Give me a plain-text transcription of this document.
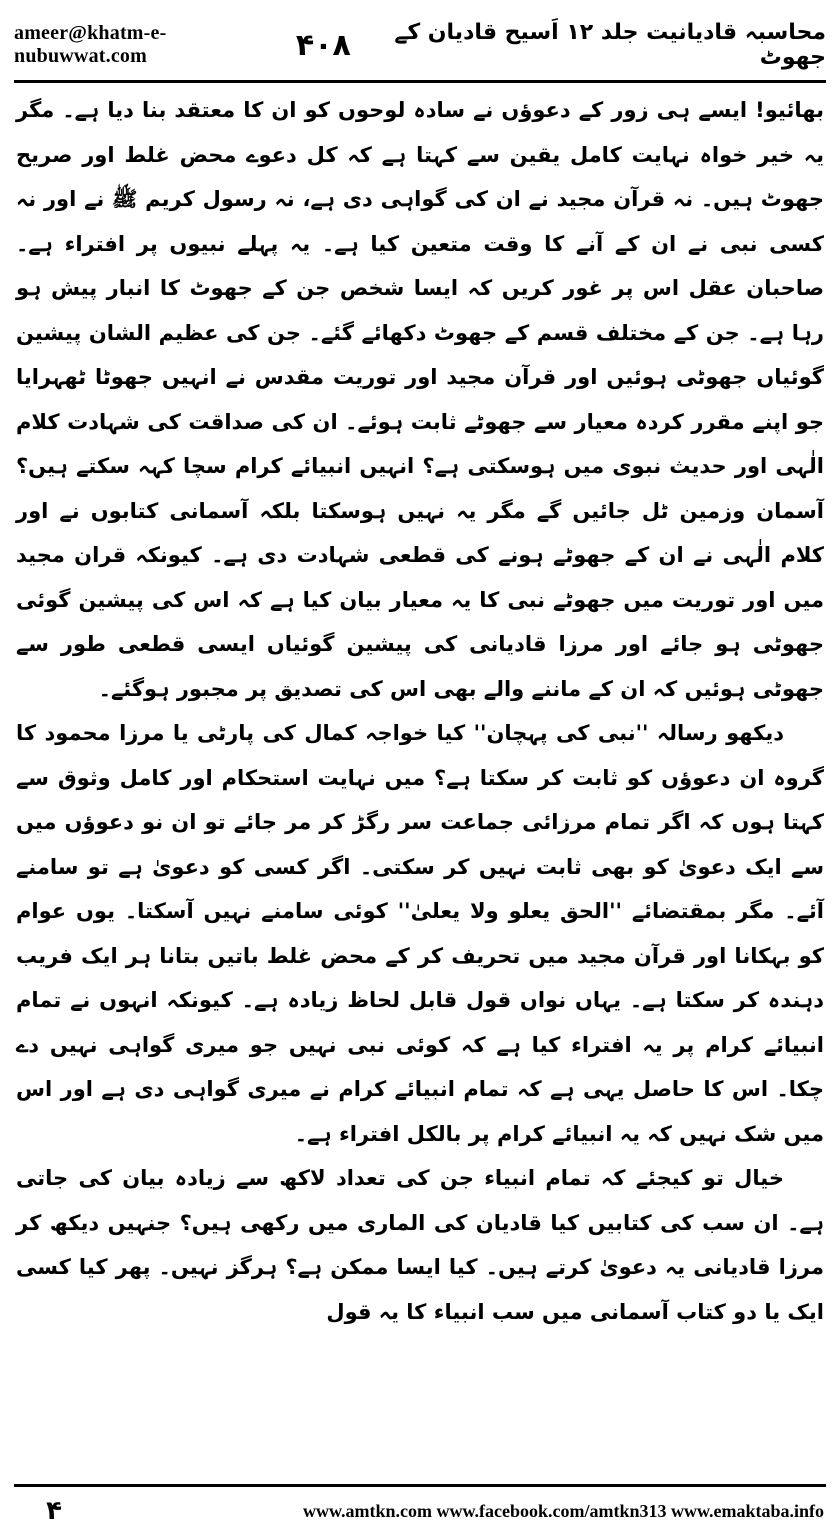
ameer@khatm-e-nubuwwat.com	۴۰۸	محاسبہ قادیانیت جلد ۱۲ اَسیح قادیان کے جھوٹ

بھائیو! ایسے ہی زور کے دعوؤں نے سادہ لوحوں کو ان کا معتقد بنا دیا ہے۔ مگر یہ خیر خواہ نہایت کامل یقین سے کہتا ہے کہ کل دعوے محض غلط اور صریح جھوٹ ہیں۔ نہ قرآن مجید نے ان کی گواہی دی ہے، نہ رسول کریم ﷺ نے اور نہ کسی نبی نے ان کے آنے کا وقت متعین کیا ہے۔ یہ پہلے نبیوں پر افتراء ہے۔ صاحبان عقل اس پر غور کریں کہ ایسا شخص جن کے جھوٹ کا انبار پیش ہو رہا ہے۔ جن کے مختلف قسم کے جھوٹ دکھائے گئے۔ جن کی عظیم الشان پیشین گوئیاں جھوٹی ہوئیں اور قرآن مجید اور توریت مقدس نے انہیں جھوٹا ٹھہرایا جو اپنے مقرر کردہ معیار سے جھوٹے ثابت ہوئے۔ ان کی صداقت کی شہادت کلام الٰہی اور حدیث نبوی میں ہوسکتی ہے؟ انہیں انبیائے کرام سچا کہہ سکتے ہیں؟ آسمان وزمین ٹل جائیں گے مگر یہ نہیں ہوسکتا بلکہ آسمانی کتابوں نے اور کلام الٰہی نے ان کے جھوٹے ہونے کی قطعی شہادت دی ہے۔ کیونکہ قران مجید میں اور توریت میں جھوٹے نبی کا یہ معیار بیان کیا ہے کہ اس کی پیشین گوئی جھوٹی ہو جائے اور مرزا قادیانی کی پیشین گوئیاں ایسی قطعی طور سے جھوٹی ہوئیں کہ ان کے ماننے والے بھی اس کی تصدیق پر مجبور ہوگئے۔

دیکھو رسالہ ''نبی کی پہچان'' کیا خواجہ کمال کی پارٹی یا مرزا محمود کا گروہ ان دعوؤں کو ثابت کر سکتا ہے؟ میں نہایت استحکام اور کامل وثوق سے کہتا ہوں کہ اگر تمام مرزائی جماعت سر رگڑ کر مر جائے تو ان نو دعوؤں میں سے ایک دعویٰ کو بھی ثابت نہیں کر سکتی۔ اگر کسی کو دعویٰ ہے تو سامنے آئے۔ مگر بمقتضائے ''الحق یعلو ولا یعلیٰ'' کوئی سامنے نہیں آسکتا۔ یوں عوام کو بہکانا اور قرآن مجید میں تحریف کر کے محض غلط باتیں بتانا ہر ایک فریب دہندہ کر سکتا ہے۔ یہاں نواں قول قابل لحاظ زیادہ ہے۔ کیونکہ انہوں نے تمام انبیائے کرام پر یہ افتراء کیا ہے کہ کوئی نبی نہیں جو میری گواہی نہیں دے چکا۔ اس کا حاصل یہی ہے کہ تمام انبیائے کرام نے میری گواہی دی ہے اور اس میں شک نہیں کہ یہ انبیائے کرام پر بالکل افتراء ہے۔

خیال تو کیجئے کہ تمام انبیاء جن کی تعداد لاکھ سے زیادہ بیان کی جاتی ہے۔ ان سب کی کتابیں کیا قادیان کی الماری میں رکھی ہیں؟ جنہیں دیکھ کر مرزا قادیانی یہ دعویٰ کرتے ہیں۔ کیا ایسا ممکن ہے؟ ہرگز نہیں۔ پھر کیا کسی ایک یا دو کتاب آسمانی میں سب انبیاء کا یہ قول

۴	www.amtkn.com www.facebook.com/amtkn313 www.emaktaba.info
